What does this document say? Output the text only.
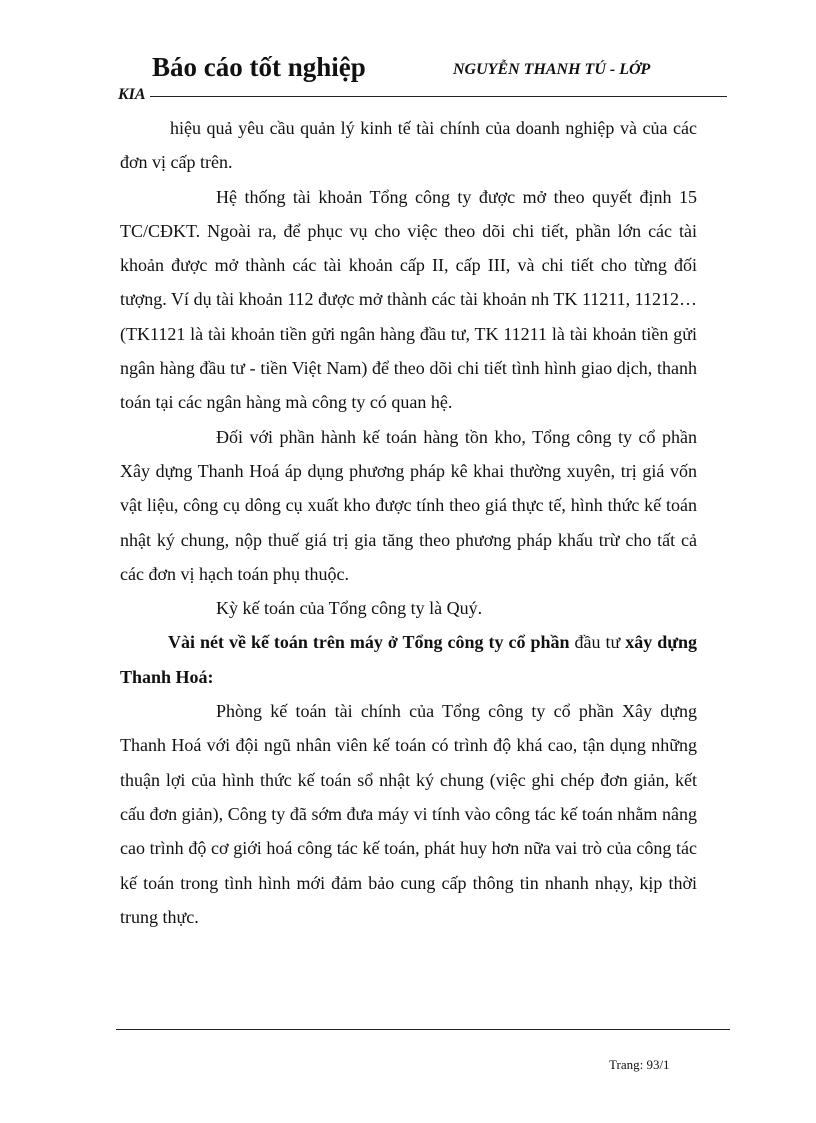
Báo cáo tốt nghiệp	NGUYỄN THANH TÚ - LỚP
KIA

hiệu quả yêu cầu quản lý kinh tế tài chính của doanh nghiệp và của các đơn vị cấp trên.

Hệ thống tài khoản Tổng công ty được mở theo quyết định 15 TC/CĐKT. Ngoài ra, để phục vụ cho việc theo dõi chi tiết, phần lớn các tài khoản được mở thành các tài khoản cấp II, cấp III, và chi tiết cho từng đối tượng. Ví dụ tài khoản 112 được mở thành các tài khoản nh TK 11211, 11212… (TK1121 là tài khoản tiền gửi ngân hàng đầu tư, TK 11211 là tài khoản tiền gửi ngân hàng đầu tư - tiền Việt Nam) để theo dõi chi tiết tình hình giao dịch, thanh toán tại các ngân hàng mà công ty có quan hệ.

Đối với phần hành kế toán hàng tồn kho, Tổng công ty cổ phần Xây dựng Thanh Hoá áp dụng phương pháp kê khai thường xuyên, trị giá vốn vật liệu, công cụ dông cụ xuất kho được tính theo giá thực tế, hình thức kế toán nhật ký chung, nộp thuế giá trị gia tăng theo phương pháp khấu trừ cho tất cả các đơn vị hạch toán phụ thuộc.

Kỳ kế toán của Tổng công ty là Quý.

Vài nét về kế toán trên máy ở Tổng công ty cổ phần đầu tư xây dựng Thanh Hoá:

Phòng kế toán tài chính của Tổng công ty cổ phần Xây dựng Thanh Hoá với đội ngũ nhân viên kế toán có trình độ khá cao, tận dụng những thuận lợi của hình thức kế toán sổ nhật ký chung (việc ghi chép đơn giản, kết cấu đơn giản), Công ty đã sớm đưa máy vi tính vào công tác kế toán nhằm nâng cao trình độ cơ giới hoá công tác kế toán, phát huy hơn nữa vai trò của công tác kế toán trong tình hình mới đảm bảo cung cấp thông tin nhanh nhạy, kịp thời trung thực.

Trang: 93/1
